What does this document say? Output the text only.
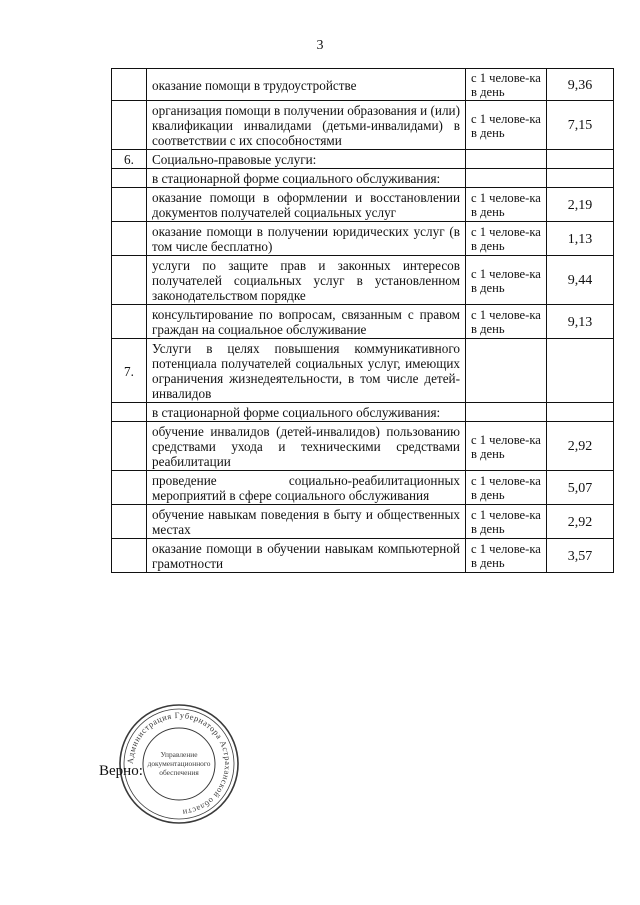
3
	оказание помощи в трудоустройстве	с 1 челове-ка в день	9,36
	организация помощи в получении образования и (или) квалификации инвалидами (детьми-инвалидами) в соответствии с их способностями	с 1 челове-ка в день	7,15
6.	Социально-правовые услуги:		
	в стационарной форме социального обслуживания:		
	оказание помощи в оформлении и восстановлении документов получателей социальных услуг	с 1 челове-ка в день	2,19
	оказание помощи в получении юридических услуг (в том числе бесплатно)	с 1 челове-ка в день	1,13
	услуги по защите прав и законных интересов получателей социальных услуг в установленном законодательством порядке	с 1 челове-ка в день	9,44
	консультирование по вопросам, связанным с правом граждан на социальное обслуживание	с 1 челове-ка в день	9,13
7.	Услуги в целях повышения коммуникативного потенциала получателей социальных услуг, имеющих ограничения жизнедеятельности, в том числе детей-инвалидов		
	в стационарной форме социального обслуживания:		
	обучение инвалидов (детей-инвалидов) пользованию средствами ухода и техническими средствами реабилитации	с 1 челове-ка в день	2,92
	проведение социально-реабилитационных мероприятий в сфере социального обслуживания	с 1 челове-ка в день	5,07
	обучение навыкам поведения в быту и общественных местах	с 1 челове-ка в день	2,92
	оказание помощи в обучении навыкам компьютерной грамотности	с 1 челове-ка в день	3,57
Администрация Губернатора Астраханской области
Управление
документационного
обеспечения
Верно:
